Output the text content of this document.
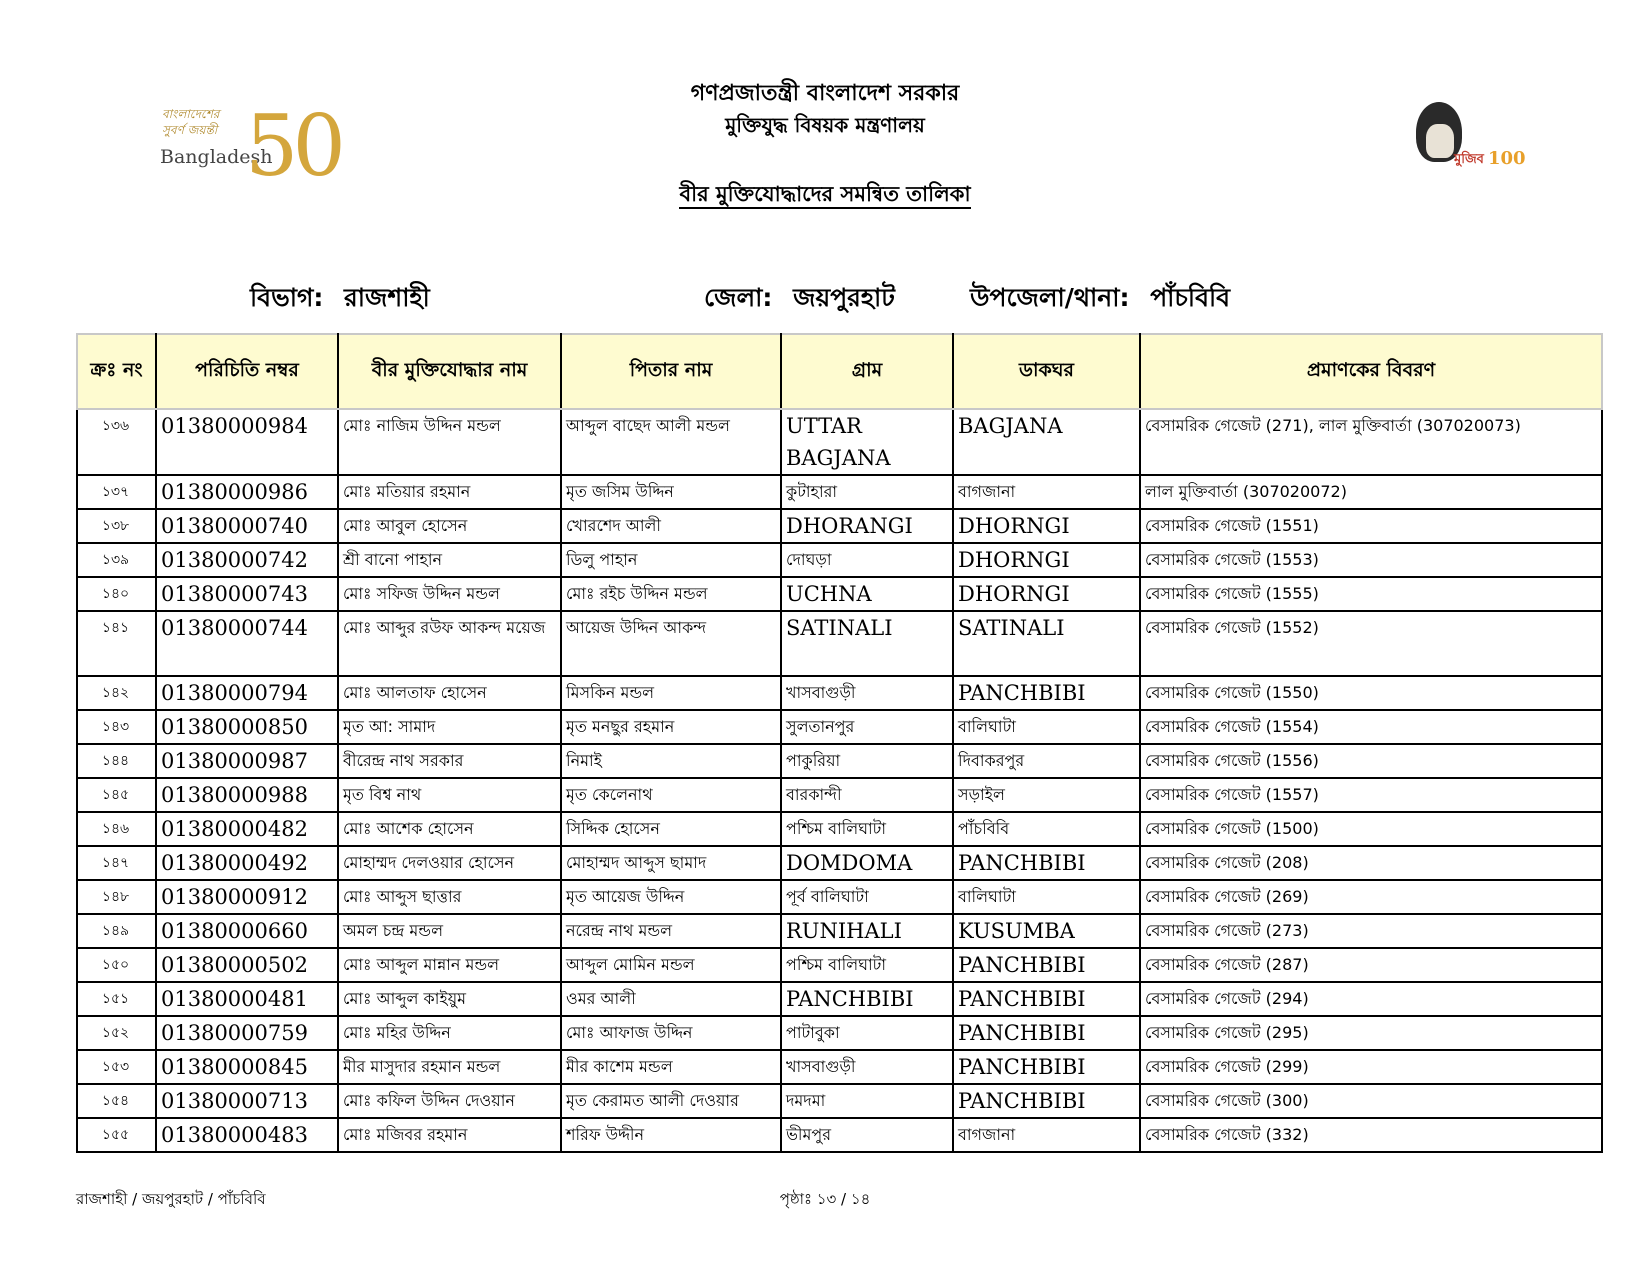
বাংলাদেশের
সুবর্ণ জয়ন্তী
Bangladesh
50
গণপ্রজাতন্ত্রী বাংলাদেশ সরকার
মুক্তিযুদ্ধ বিষয়ক মন্ত্রণালয়
বীর মুক্তিযোদ্ধাদের সমন্বিত তালিকা
মুজিব 100
বিভাগ: রাজশাহী	জেলা: জয়পুরহাট	উপজেলা/থানা: পাঁচবিবি
ক্রঃ নং	পরিচিতি নম্বর	বীর মুক্তিযোদ্ধার নাম	পিতার নাম	গ্রাম	ডাকঘর	প্রমাণকের বিবরণ
১৩৬	01380000984	মোঃ নাজিম উদ্দিন মন্ডল	আব্দুল বাছেদ আলী মন্ডল	UTTAR BAGJANA	BAGJANA	বেসামরিক গেজেট (271), লাল মুক্তিবার্তা (307020073)
১৩৭	01380000986	মোঃ মতিয়ার রহমান	মৃত জসিম উদ্দিন	কুটাহারা	বাগজানা	লাল মুক্তিবার্তা (307020072)
১৩৮	01380000740	মোঃ আবুল হোসেন	খোরশেদ আলী	DHORANGI	DHORNGI	বেসামরিক গেজেট (1551)
১৩৯	01380000742	শ্রী বানো পাহান	ডিলু পাহান	দোঘড়া	DHORNGI	বেসামরিক গেজেট (1553)
১৪০	01380000743	মোঃ সফিজ উদ্দিন মন্ডল	মোঃ রইচ উদ্দিন মন্ডল	UCHNA	DHORNGI	বেসামরিক গেজেট (1555)
১৪১	01380000744	মোঃ আব্দুর রউফ আকন্দ ময়েজ	আয়েজ উদ্দিন আকন্দ	SATINALI	SATINALI	বেসামরিক গেজেট (1552)
১৪২	01380000794	মোঃ আলতাফ হোসেন	মিসকিন মন্ডল	খাসবাগুড়ী	PANCHBIBI	বেসামরিক গেজেট (1550)
১৪৩	01380000850	মৃত আ: সামাদ	মৃত মনছুর রহমান	সুলতানপুর	বালিঘাটা	বেসামরিক গেজেট (1554)
১৪৪	01380000987	বীরেন্দ্র নাথ সরকার	নিমাই	পাকুরিয়া	দিবাকরপুর	বেসামরিক গেজেট (1556)
১৪৫	01380000988	মৃত বিশ্ব নাথ	মৃত কেলেনাথ	বারকান্দী	সড়াইল	বেসামরিক গেজেট (1557)
১৪৬	01380000482	মোঃ আশেক হোসেন	সিদ্দিক হোসেন	পশ্চিম বালিঘাটা	পাঁচবিবি	বেসামরিক গেজেট (1500)
১৪৭	01380000492	মোহাম্মদ দেলওয়ার হোসেন	মোহাম্মদ আব্দুস ছামাদ	DOMDOMA	PANCHBIBI	বেসামরিক গেজেট (208)
১৪৮	01380000912	মোঃ আব্দুস ছাত্তার	মৃত আয়েজ উদ্দিন	পূর্ব বালিঘাটা	বালিঘাটা	বেসামরিক গেজেট (269)
১৪৯	01380000660	অমল চন্দ্র মন্ডল	নরেন্দ্র নাথ মন্ডল	RUNIHALI	KUSUMBA	বেসামরিক গেজেট (273)
১৫০	01380000502	মোঃ আব্দুল মান্নান মন্ডল	আব্দুল মোমিন মন্ডল	পশ্চিম বালিঘাটা	PANCHBIBI	বেসামরিক গেজেট (287)
১৫১	01380000481	মোঃ আব্দুল কাইয়ুম	ওমর আলী	PANCHBIBI	PANCHBIBI	বেসামরিক গেজেট (294)
১৫২	01380000759	মোঃ মহির উদ্দিন	মোঃ আফাজ উদ্দিন	পাটাবুকা	PANCHBIBI	বেসামরিক গেজেট (295)
১৫৩	01380000845	মীর মাসুদার রহমান মন্ডল	মীর কাশেম মন্ডল	খাসবাগুড়ী	PANCHBIBI	বেসামরিক গেজেট (299)
১৫৪	01380000713	মোঃ কফিল উদ্দিন দেওয়ান	মৃত কেরামত আলী দেওয়ার	দমদমা	PANCHBIBI	বেসামরিক গেজেট (300)
১৫৫	01380000483	মোঃ মজিবর রহমান	শরিফ উদ্দীন	ভীমপুর	বাগজানা	বেসামরিক গেজেট (332)
রাজশাহী / জয়পুরহাট / পাঁচবিবি	পৃষ্ঠাঃ ১৩ / ১৪
